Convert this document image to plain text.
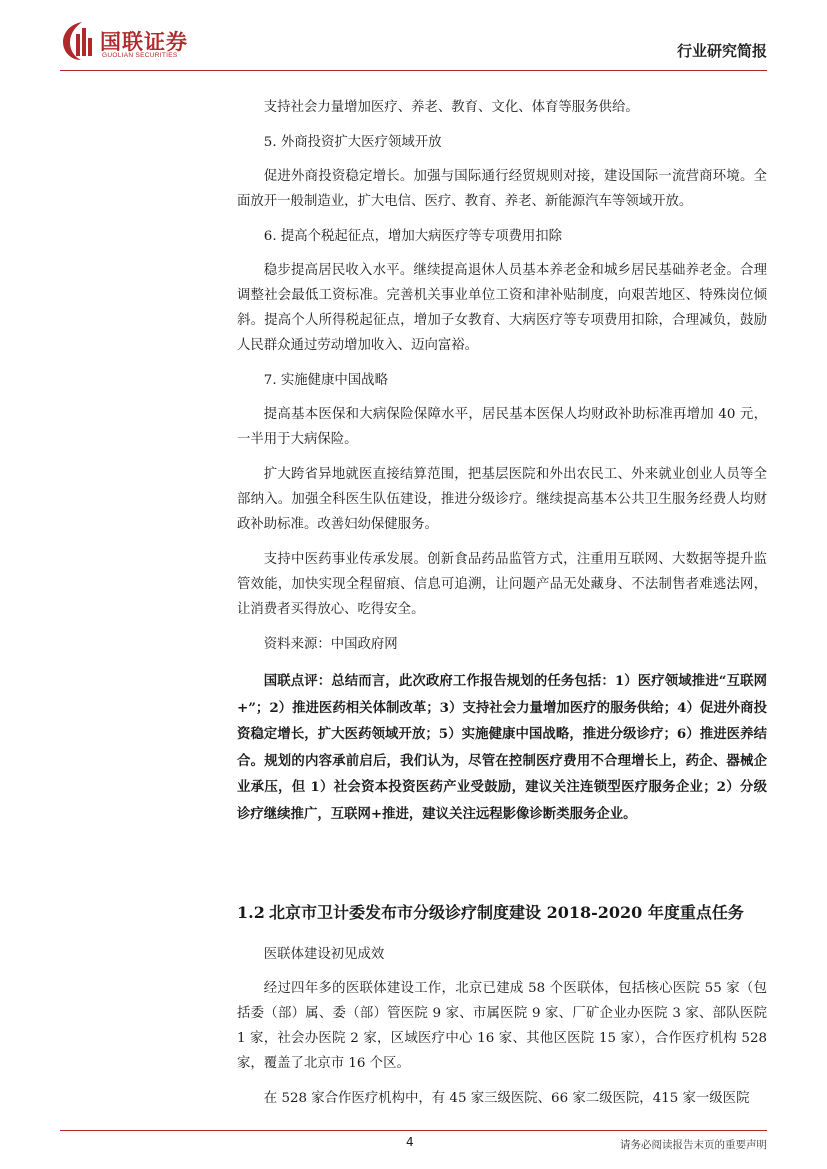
国联证券
GUOLIAN SECURITIES	行业研究简报

支持社会力量增加医疗、养老、教育、文化、体育等服务供给。

5. 外商投资扩大医疗领域开放

促进外商投资稳定增长。加强与国际通行经贸规则对接，建设国际一流营商环境。全面放开一般制造业，扩大电信、医疗、教育、养老、新能源汽车等领域开放。

6. 提高个税起征点，增加大病医疗等专项费用扣除

稳步提高居民收入水平。继续提高退休人员基本养老金和城乡居民基础养老金。合理调整社会最低工资标准。完善机关事业单位工资和津补贴制度，向艰苦地区、特殊岗位倾斜。提高个人所得税起征点，增加子女教育、大病医疗等专项费用扣除，合理减负，鼓励人民群众通过劳动增加收入、迈向富裕。

7. 实施健康中国战略

提高基本医保和大病保险保障水平，居民基本医保人均财政补助标准再增加 40 元，一半用于大病保险。

扩大跨省异地就医直接结算范围，把基层医院和外出农民工、外来就业创业人员等全部纳入。加强全科医生队伍建设，推进分级诊疗。继续提高基本公共卫生服务经费人均财政补助标准。改善妇幼保健服务。

支持中医药事业传承发展。创新食品药品监管方式，注重用互联网、大数据等提升监管效能，加快实现全程留痕、信息可追溯，让问题产品无处藏身、不法制售者难逃法网，让消费者买得放心、吃得安全。

资料来源：中国政府网

国联点评：总结而言，此次政府工作报告规划的任务包括：1）医疗领域推进“互联网+”；2）推进医药相关体制改革；3）支持社会力量增加医疗的服务供给；4）促进外商投资稳定增长，扩大医药领域开放；5）实施健康中国战略，推进分级诊疗；6）推进医养结合。规划的内容承前启后，我们认为，尽管在控制医疗费用不合理增长上，药企、器械企业承压，但 1）社会资本投资医药产业受鼓励，建议关注连锁型医疗服务企业；2）分级诊疗继续推广，互联网+推进，建议关注远程影像诊断类服务企业。

1.2 北京市卫计委发布市分级诊疗制度建设 2018-2020 年度重点任务

医联体建设初见成效

经过四年多的医联体建设工作，北京已建成 58 个医联体，包括核心医院 55 家（包括委（部）属、委（部）管医院 9 家、市属医院 9 家、厂矿企业办医院 3 家、部队医院 1 家，社会办医院 2 家，区域医疗中心 16 家、其他区医院 15 家），合作医疗机构 528 家，覆盖了北京市 16 个区。

在 528 家合作医疗机构中，有 45 家三级医院、66 家二级医院，415 家一级医院

4	请务必阅读报告末页的重要声明
